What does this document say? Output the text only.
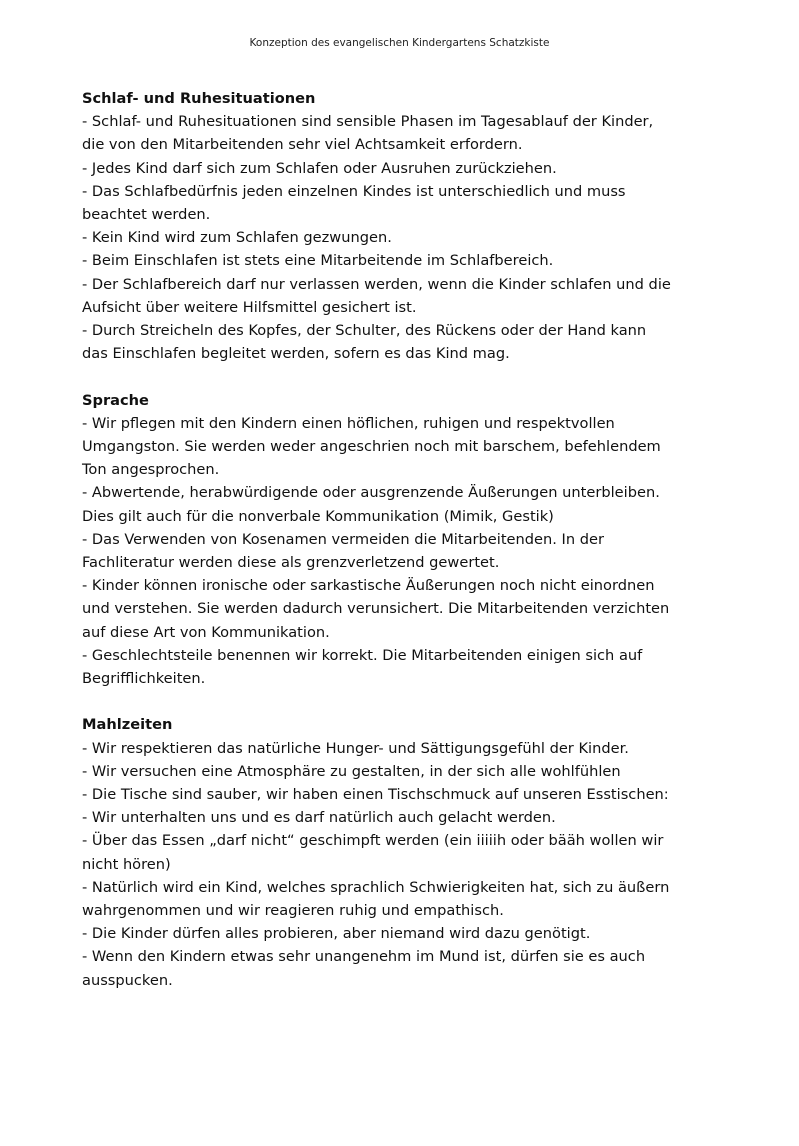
Konzeption des evangelischen Kindergartens Schatzkiste

Schlaf- und Ruhesituationen

- Schlaf- und Ruhesituationen sind sensible Phasen im Tagesablauf der Kinder,

die von den Mitarbeitenden sehr viel Achtsamkeit erfordern.

- Jedes Kind darf sich zum Schlafen oder Ausruhen zurückziehen.

- Das Schlafbedürfnis jeden einzelnen Kindes ist unterschiedlich und muss

beachtet werden.

- Kein Kind wird zum Schlafen gezwungen.

- Beim Einschlafen ist stets eine Mitarbeitende im Schlafbereich.

- Der Schlafbereich darf nur verlassen werden, wenn die Kinder schlafen und die

Aufsicht über weitere Hilfsmittel gesichert ist.

- Durch Streicheln des Kopfes, der Schulter, des Rückens oder der Hand kann

das Einschlafen begleitet werden, sofern es das Kind mag.

Sprache

- Wir pflegen mit den Kindern einen höflichen, ruhigen und respektvollen

Umgangston. Sie werden weder angeschrien noch mit barschem, befehlendem

Ton angesprochen.

- Abwertende, herabwürdigende oder ausgrenzende Äußerungen unterbleiben.

Dies gilt auch für die nonverbale Kommunikation (Mimik, Gestik)

- Das Verwenden von Kosenamen vermeiden die Mitarbeitenden. In der

Fachliteratur werden diese als grenzverletzend gewertet.

- Kinder können ironische oder sarkastische Äußerungen noch nicht einordnen

und verstehen. Sie werden dadurch verunsichert. Die Mitarbeitenden verzichten

auf diese Art von Kommunikation.

- Geschlechtsteile benennen wir korrekt. Die Mitarbeitenden einigen sich auf

Begrifflichkeiten.

Mahlzeiten

- Wir respektieren das natürliche Hunger- und Sättigungsgefühl der Kinder.

- Wir versuchen eine Atmosphäre zu gestalten, in der sich alle wohlfühlen

- Die Tische sind sauber, wir haben einen Tischschmuck auf unseren Esstischen:

- Wir unterhalten uns und es darf natürlich auch gelacht werden.

- Über das Essen „darf nicht“ geschimpft werden (ein iiiiih oder bääh wollen wir

nicht hören)

- Natürlich wird ein Kind, welches sprachlich Schwierigkeiten hat, sich zu äußern

wahrgenommen und wir reagieren ruhig und empathisch.

- Die Kinder dürfen alles probieren, aber niemand wird dazu genötigt.

- Wenn den Kindern etwas sehr unangenehm im Mund ist, dürfen sie es auch

ausspucken.
